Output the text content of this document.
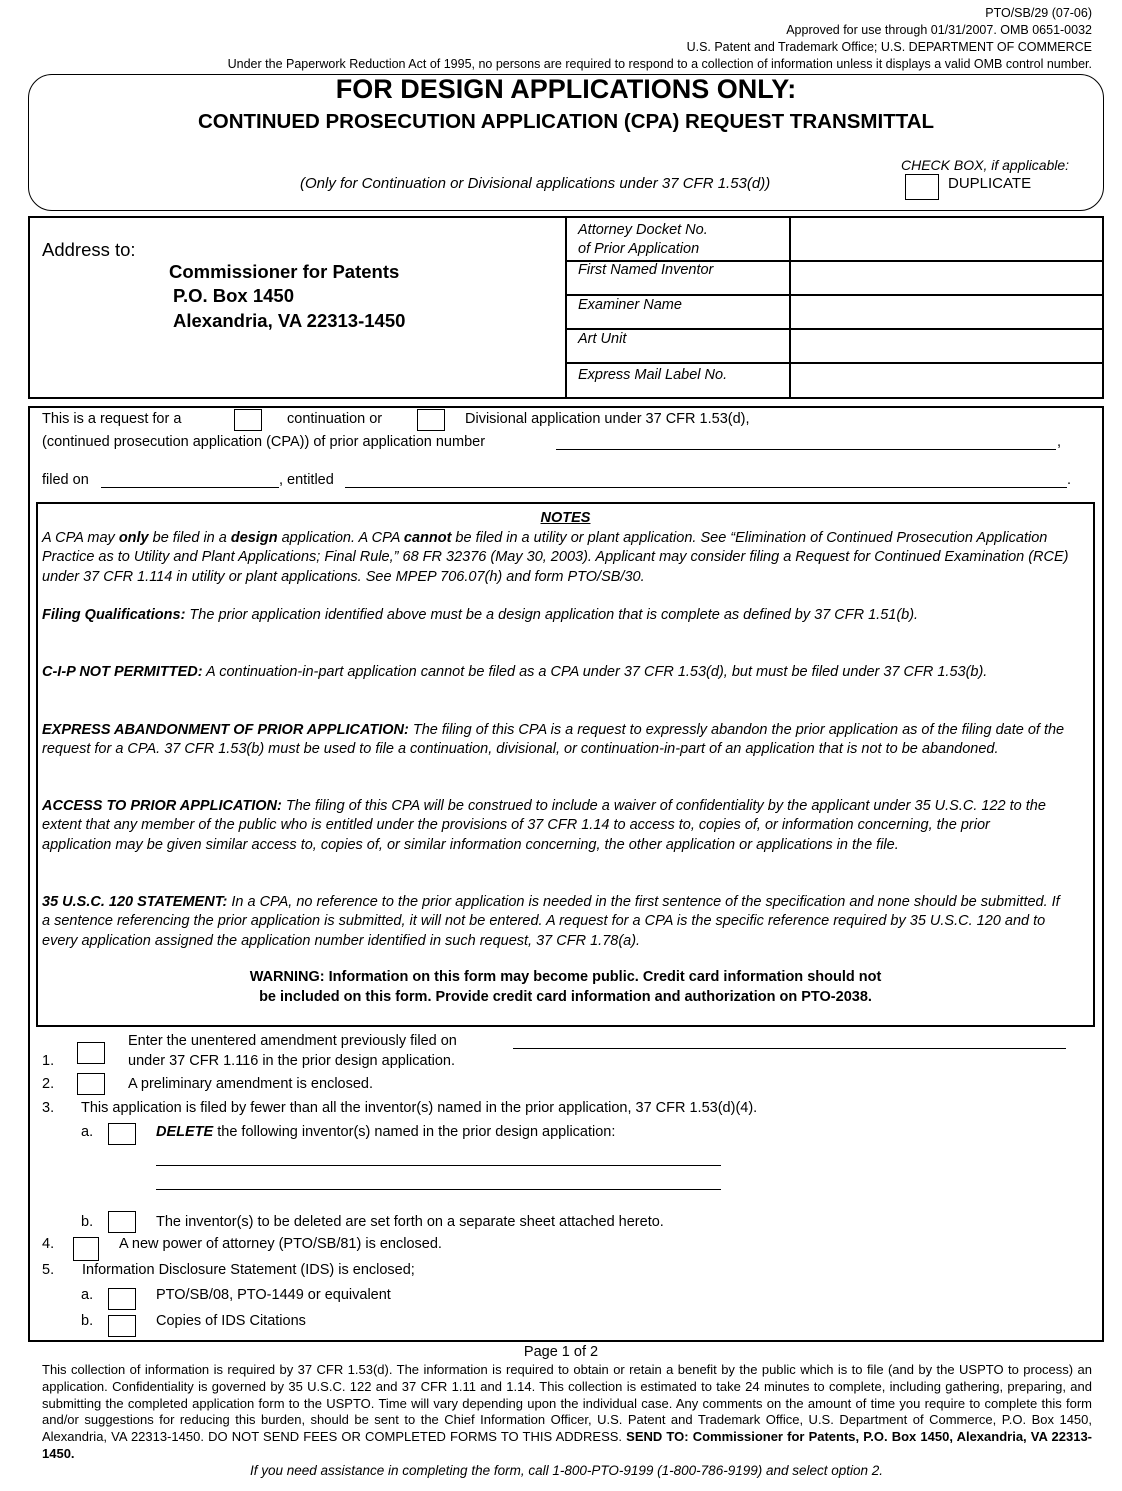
PTO/SB/29 (07-06)
Approved for use through 01/31/2007. OMB 0651-0032
U.S. Patent and Trademark Office; U.S. DEPARTMENT OF COMMERCE
Under the Paperwork Reduction Act of 1995, no persons are required to respond to a collection of information unless it displays a valid OMB control number.
FOR DESIGN APPLICATIONS ONLY:
CONTINUED PROSECUTION APPLICATION (CPA) REQUEST TRANSMITTAL
CHECK BOX, if applicable:
(Only for Continuation or Divisional applications under 37 CFR 1.53(d))	DUPLICATE
Address to:
Commissioner for Patents
P.O. Box 1450
Alexandria, VA 22313-1450
Attorney Docket No.
of Prior Application
First Named Inventor
Examiner Name
Art Unit
Express Mail Label No.
This is a request for a	continuation or	Divisional application under 37 CFR 1.53(d),
(continued prosecution application (CPA)) of prior application number	,
filed on	, entitled	.
NOTES
A CPA may only be filed in a design application. A CPA cannot be filed in a utility or plant application. See “Elimination of Continued Prosecution Application Practice as to Utility and Plant Applications; Final Rule,” 68 FR 32376 (May 30, 2003). Applicant may consider filing a Request for Continued Examination (RCE) under 37 CFR 1.114 in utility or plant applications. See MPEP 706.07(h) and form PTO/SB/30.
Filing Qualifications: The prior application identified above must be a design application that is complete as defined by 37 CFR 1.51(b).
C-I-P NOT PERMITTED: A continuation-in-part application cannot be filed as a CPA under 37 CFR 1.53(d), but must be filed under 37 CFR 1.53(b).
EXPRESS ABANDONMENT OF PRIOR APPLICATION: The filing of this CPA is a request to expressly abandon the prior application as of the filing date of the request for a CPA. 37 CFR 1.53(b) must be used to file a continuation, divisional, or continuation-in-part of an application that is not to be abandoned.
ACCESS TO PRIOR APPLICATION: The filing of this CPA will be construed to include a waiver of confidentiality by the applicant under 35 U.S.C. 122 to the extent that any member of the public who is entitled under the provisions of 37 CFR 1.14 to access to, copies of, or information concerning, the prior application may be given similar access to, copies of, or similar information concerning, the other application or applications in the file.
35 U.S.C. 120 STATEMENT: In a CPA, no reference to the prior application is needed in the first sentence of the specification and none should be submitted. If a sentence referencing the prior application is submitted, it will not be entered. A request for a CPA is the specific reference required by 35 U.S.C. 120 and to every application assigned the application number identified in such request, 37 CFR 1.78(a).
WARNING: Information on this form may become public. Credit card information should not
be included on this form. Provide credit card information and authorization on PTO-2038.
Enter the unentered amendment previously filed on
1.	under 37 CFR 1.116 in the prior design application.
2.	A preliminary amendment is enclosed.
3. This application is filed by fewer than all the inventor(s) named in the prior application, 37 CFR 1.53(d)(4).
a.	DELETE the following inventor(s) named in the prior design application:
b.	The inventor(s) to be deleted are set forth on a separate sheet attached hereto.
4.	A new power of attorney (PTO/SB/81) is enclosed.
5. Information Disclosure Statement (IDS) is enclosed;
a.	PTO/SB/08, PTO-1449 or equivalent
b.	Copies of IDS Citations
Page 1 of 2
This collection of information is required by 37 CFR 1.53(d). The information is required to obtain or retain a benefit by the public which is to file (and by the USPTO to process) an application. Confidentiality is governed by 35 U.S.C. 122 and 37 CFR 1.11 and 1.14. This collection is estimated to take 24 minutes to complete, including gathering, preparing, and submitting the completed application form to the USPTO. Time will vary depending upon the individual case. Any comments on the amount of time you require to complete this form and/or suggestions for reducing this burden, should be sent to the Chief Information Officer, U.S. Patent and Trademark Office, U.S. Department of Commerce, P.O. Box 1450, Alexandria, VA 22313-1450. DO NOT SEND FEES OR COMPLETED FORMS TO THIS ADDRESS. SEND TO: Commissioner for Patents, P.O. Box 1450, Alexandria, VA 22313-1450.
If you need assistance in completing the form, call 1-800-PTO-9199 (1-800-786-9199) and select option 2.
